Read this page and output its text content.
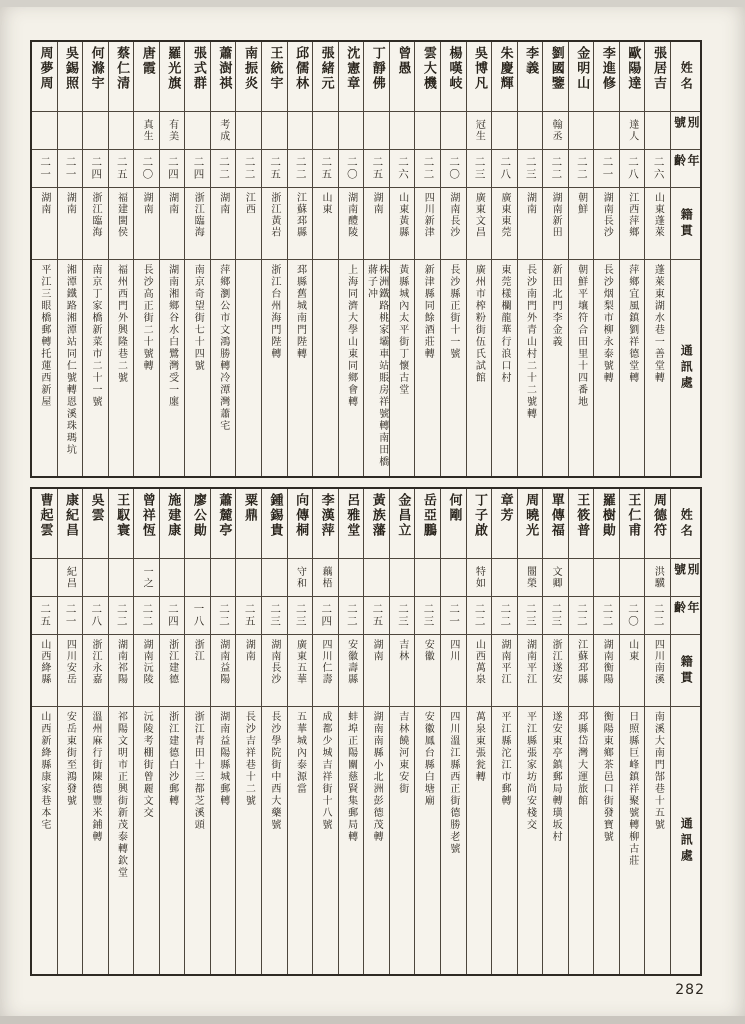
姓名
別號
年齡
籍貫
通訊處
張居吉
二六
山東蓬萊
蓬萊東湖水巷一善堂轉
歐陽達
達人
二八
江西萍鄉
萍鄉宜風鎮劉祥德堂轉
李進修
二一
湖南長沙
長沙烟梨市柳永泰號轉
金明山
二二
朝鮮
朝鮮平壤符合田里十四番地
劉國鑒
翰丞
二二
湖南新田
新田北門李金義
李義
二三
湖南
長沙南門外青山村二十二號轉
朱慶輝
二八
廣東東莞
東莞樣欄龍華行浪口村
吳博凡
冠生
二三
廣東文昌
廣州市榨粉街伍氏試館
楊嘆岐
二〇
湖南長沙
長沙縣正街十一號
雲大機
二二
四川新津
新津縣同餘酒莊轉
曾愚
二六
山東黃縣
黃縣城內太平街丁懷古堂
丁靜佛
二五
湖南
株洲鐵路桃家壩車站賬房祥號轉南田橋蔣子冲
沈憲章
二〇
湖南醴陵
上海同濟大學山東同鄉會轉
張緒元
二五
山東
邱儒林
二二
江蘇邳縣
邳縣舊城南門陛轉
王統宇
二五
浙江黃岩
浙江台州海門陛轉
南振炎
二二
江西
蕭澍祺
考成
二二
湖南
萍鄉瀏公市文鴻勝轉冷潭灣蕭宅
張式群
二四
浙江臨海
南京奇望街七十四號
羅光旗
有美
二四
湖南
湖南湘鄉谷水白鷺灣受一廛
唐霞
真生
二〇
湖南
長沙高正街二十號轉
蔡仁清
二五
福建閩侯
福州西門外興隆巷二號
何滌宇
二四
浙江臨海
南京丁家橋新菜市二十一號
吳錫照
二一
湖南
湘潭鐵路湘潭站同仁號轉恩溪珠瑪坑
周夢周
二一
湖南
平江三眼橋郵轉托蓮西新屋
姓名
別號
年齡
籍貫
通訊處
周德符
洪驥
二二
四川南溪
南溪大南門郜巷十五號
王仁甫
二〇
山東
日照縣巨峰鎮祥聚號轉柳古莊
羅樹勛
二二
湖南衡陽
衡陽東鄉茶邑口街發寶號
王筱普
二二
江蘇邳縣
邳縣岱灣大運旅館
單傳福
文卿
二三
浙江遂安
遂安東亭鎮郵局轉璜坂村
周曉光
闓榮
二三
湖南平江
平江縣張家坊尚安棧交
章芳
二二
湖南平江
平江縣沱江市郵轉
丁子啟
特如
二二
山西萬泉
萬泉東張瓮轉
何剛
二一
四川
四川溫江縣西正街德勝老號
岳亞鵬
二三
安徽
安徽鳳台縣白塘廟
金昌立
二三
吉林
吉林饒河東安街
黃族藩
二五
湖南
湖南南縣小北洲彭德茂轉
呂雅堂
二二
安徽壽縣
蚌埠正陽關慈賢集郵局轉
李漢萍
藕梧
二四
四川仁壽
成都少城吉祥街十八號
向傳桐
守和
二三
廣東五華
五華城內泰源當
鍾錫貴
二三
湖南長沙
長沙學院街中西大藥號
粟鼎
二五
湖南
長沙吉祥巷十二號
蕭麓亭
二二
湖南益陽
湖南益陽縣城郵轉
廖公勛
一八
浙江
浙江青田十三都芝溪頭
施建康
二四
浙江建德
浙江建德白沙郵轉
曾祥恆
一之
二二
湖南沅陵
沅陵考棚街曾麗文交
王馭寰
二二
湖南祁陽
祁陽文明市正興街新茂泰轉欽堂
吳雲
二八
浙江永嘉
溫州麻行街陳德豐米鋪轉
康紀昌
紀昌
二一
四川安岳
安岳東街至鴻發號
曹起雲
二五
山西絳縣
山西新絳縣康家巷本宅
282
